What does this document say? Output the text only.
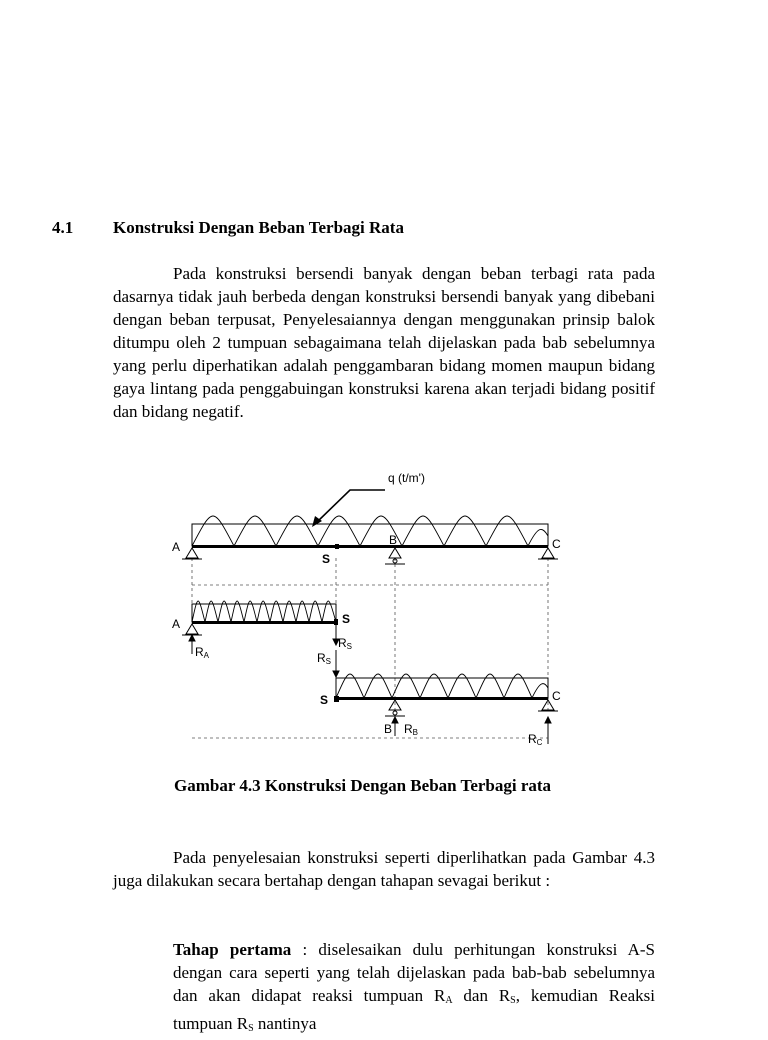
4.1 Konstruksi Dengan Beban Terbagi Rata
Pada konstruksi bersendi banyak dengan beban terbagi rata pada dasarnya tidak jauh berbeda dengan konstruksi bersendi banyak yang dibebani dengan beban terpusat, Penyelesaiannya dengan menggunakan prinsip balok ditumpu oleh 2 tumpuan sebagaimana telah dijelaskan pada bab sebelumnya yang perlu diperhatikan adalah penggambaran bidang momen maupun bidang gaya lintang pada penggabuingan konstruksi karena akan terjadi bidang positif dan bidang negatif.
q (t/m')
A
S
B	C
A	S
RA
RS
RS
S	C
B RB	RC
Gambar 4.3 Konstruksi Dengan Beban Terbagi rata
Pada penyelesaian konstruksi seperti diperlihatkan pada Gambar 4.3 juga dilakukan secara bertahap dengan tahapan sevagai berikut :
Tahap pertama : diselesaikan dulu perhitungan konstruksi A-S dengan cara seperti yang telah dijelaskan pada bab-bab sebelumnya dan akan didapat reaksi tumpuan $R_A$ dan $R_S$, kemudian Reaksi tumpuan $R_S$ nantinya
